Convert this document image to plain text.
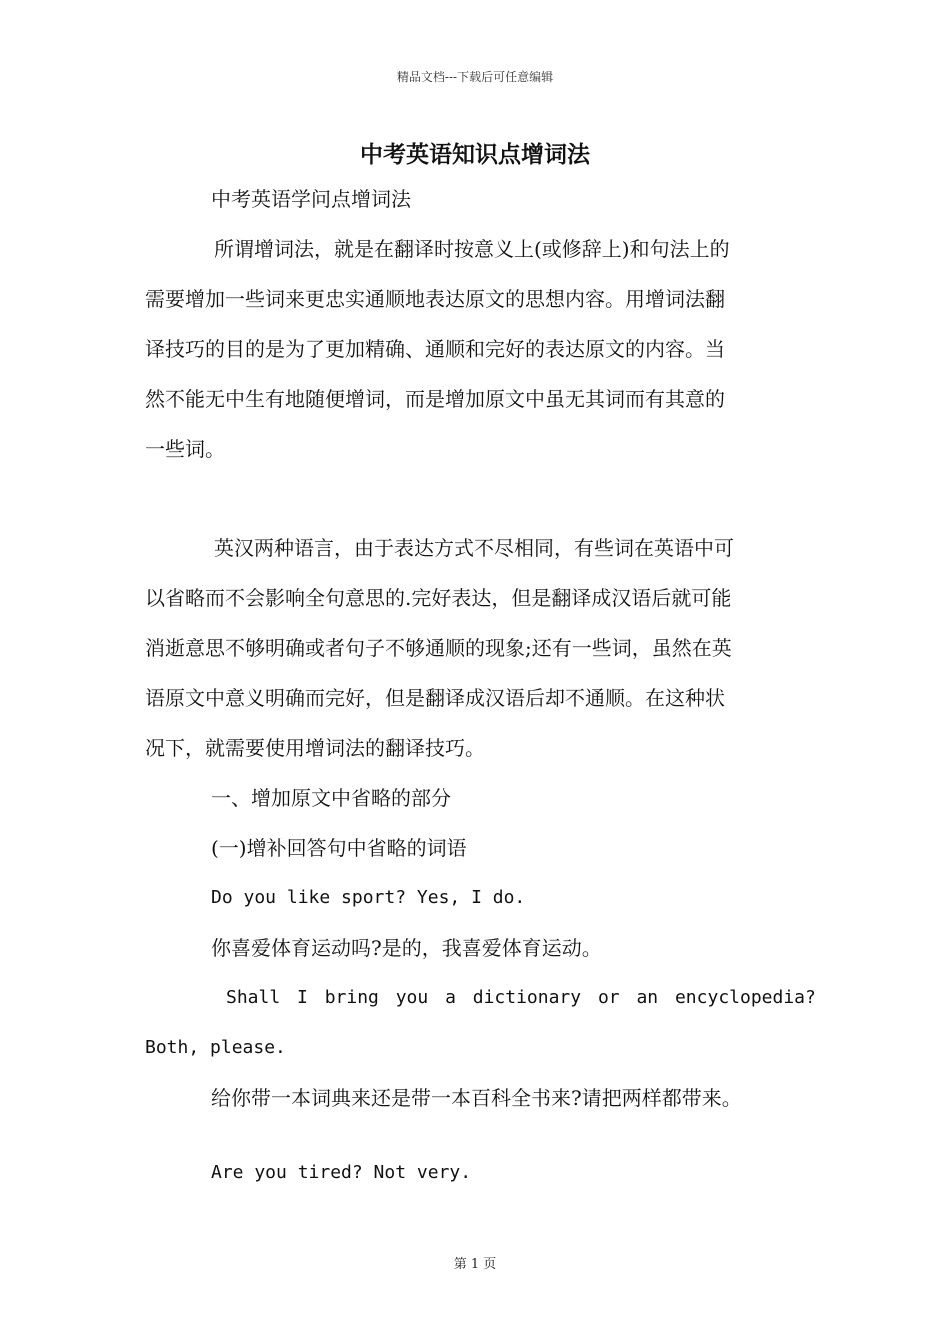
精品文档---下载后可任意编辑
中考英语知识点增词法
中考英语学问点增词法
所谓增词法，就是在翻译时按意义上(或修辞上)和句法上的
需要增加一些词来更忠实通顺地表达原文的思想内容。用增词法翻
译技巧的目的是为了更加精确、通顺和完好的表达原文的内容。当
然不能无中生有地随便增词，而是增加原文中虽无其词而有其意的
一些词。
英汉两种语言，由于表达方式不尽相同，有些词在英语中可
以省略而不会影响全句意思的.完好表达，但是翻译成汉语后就可能
消逝意思不够明确或者句子不够通顺的现象;还有一些词，虽然在英
语原文中意义明确而完好，但是翻译成汉语后却不通顺。在这种状
况下，就需要使用增词法的翻译技巧。
一、增加原文中省略的部分
(一)增补回答句中省略的词语
Do you like sport? Yes, I do.
你喜爱体育运动吗?是的，我喜爱体育运动。
Shall I bring you a dictionary or an encyclopedia?
Both, please.
给你带一本词典来还是带一本百科全书来?请把两样都带来。
Are you tired? Not very.
第 1 页
